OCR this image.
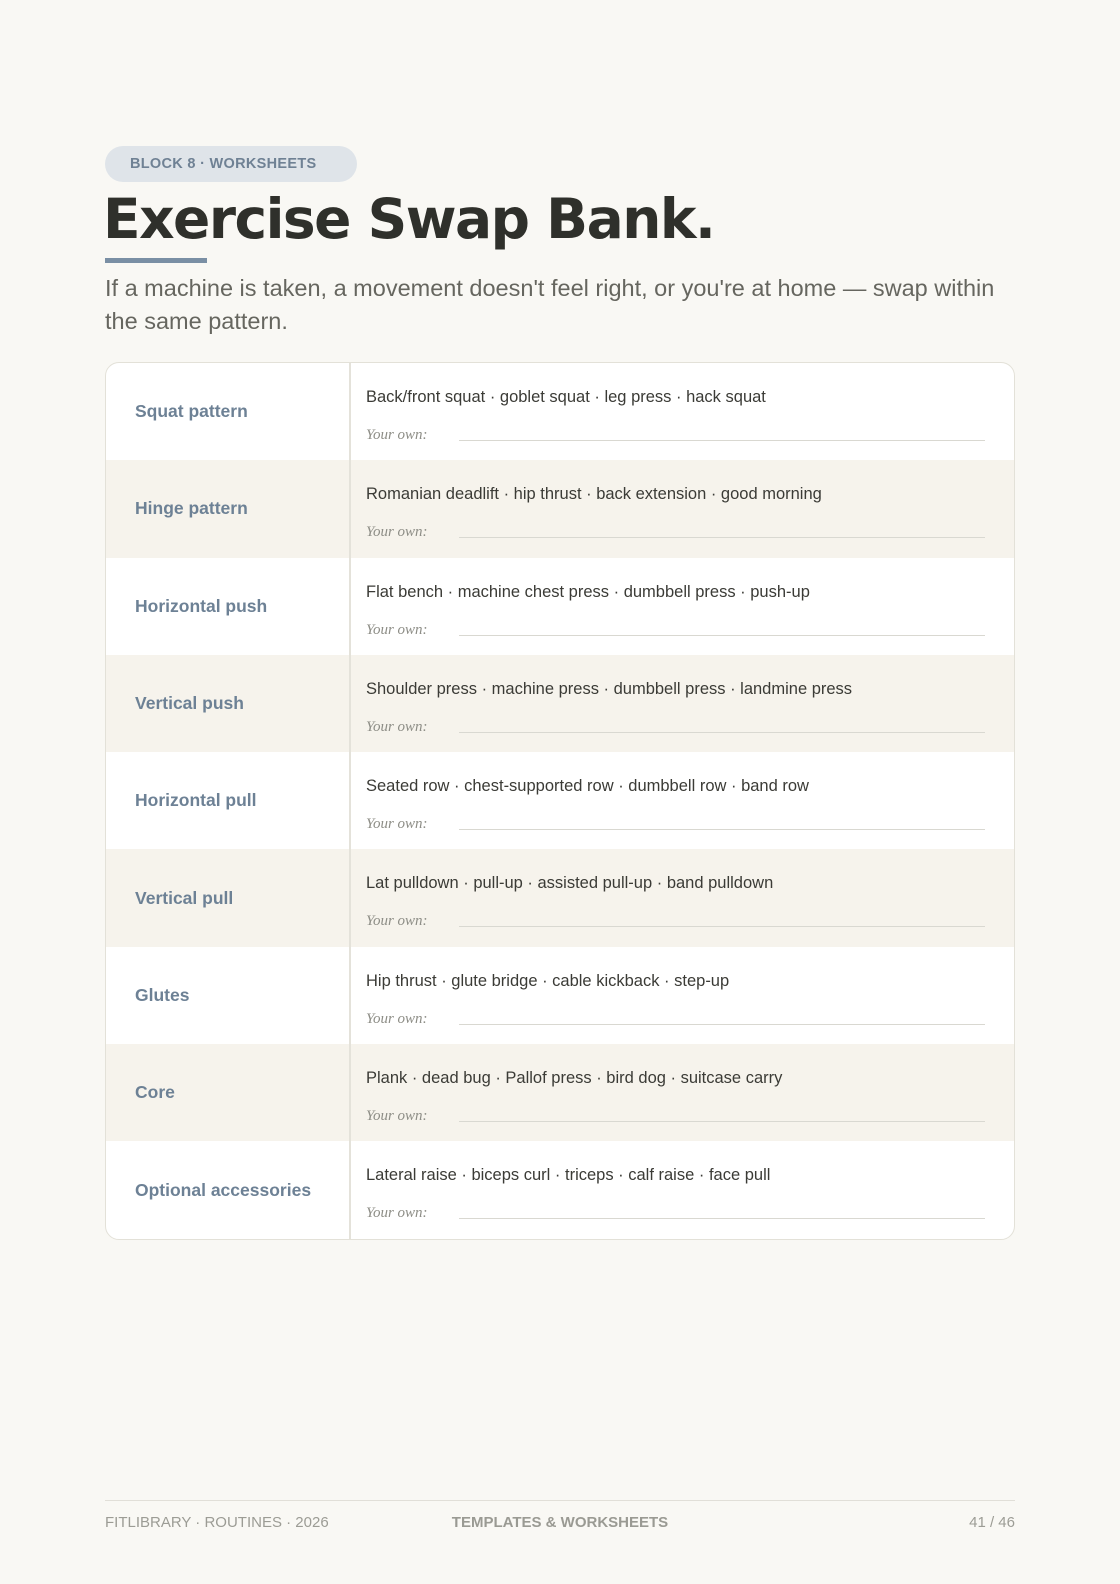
BLOCK 8 · WORKSHEETS
Exercise Swap Bank.

If a machine is taken, a movement doesn't feel right, or you're at home — swap within the same pattern.

Squat pattern
Back/front squat · goblet squat · leg press · hack squat
Your own:
Hinge pattern
Romanian deadlift · hip thrust · back extension · good morning
Your own:
Horizontal push
Flat bench · machine chest press · dumbbell press · push-up
Your own:
Vertical push
Shoulder press · machine press · dumbbell press · landmine press
Your own:
Horizontal pull
Seated row · chest-supported row · dumbbell row · band row
Your own:
Vertical pull
Lat pulldown · pull-up · assisted pull-up · band pulldown
Your own:
Glutes
Hip thrust · glute bridge · cable kickback · step-up
Your own:
Core
Plank · dead bug · Pallof press · bird dog · suitcase carry
Your own:
Optional accessories
Lateral raise · biceps curl · triceps · calf raise · face pull
Your own:
FITLIBRARY · ROUTINES · 2026	TEMPLATES & WORKSHEETS	41 / 46
